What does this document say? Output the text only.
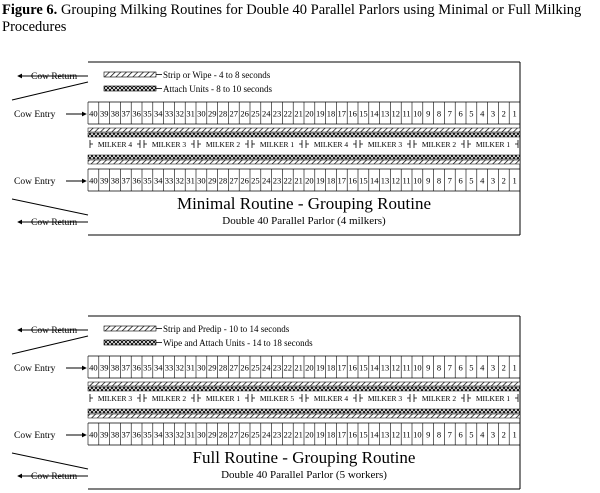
Figure 6. Grouping Milking Routines for Double 40 Parallel Parlors using Minimal or Full Milking Procedures
Cow Return
Cow Entry
Cow Entry
Cow Return
Strip or Wipe - 4 to 8 seconds
Attach Units - 8 to 10 seconds
40 39 38 37 36 35 34 33 32 31 30 29 28 27 26 25 24 23 22 21 20 19 18 17 16 15 14 13 12 11 10 9 8 7 6 5 4 3 2 1
40 39 38 37 36 35 34 33 32 31 30 29 28 27 26 25 24 23 22 21 20 19 18 17 16 15 14 13 12 11 10 9 8 7 6 5 4 3 2 1
MILKER 4	MILKER 3	MILKER 2	MILKER 1	MILKER 4	MILKER 3	MILKER 2	MILKER 1
Minimal Routine - Grouping Routine
Double 40 Parallel Parlor (4 milkers)
Cow Return
Cow Entry
Cow Entry
Cow Return
Strip and Predip - 10 to 14 seconds
Wipe and Attach Units - 14 to 18 seconds
40 39 38 37 36 35 34 33 32 31 30 29 28 27 26 25 24 23 22 21 20 19 18 17 16 15 14 13 12 11 10 9 8 7 6 5 4 3 2 1
40 39 38 37 36 35 34 33 32 31 30 29 28 27 26 25 24 23 22 21 20 19 18 17 16 15 14 13 12 11 10 9 8 7 6 5 4 3 2 1
MILKER 3	MILKER 2	MILKER 1	MILKER 5	MILKER 4	MILKER 3	MILKER 2	MILKER 1
Full Routine - Grouping Routine
Double 40 Parallel Parlor (5 workers)
